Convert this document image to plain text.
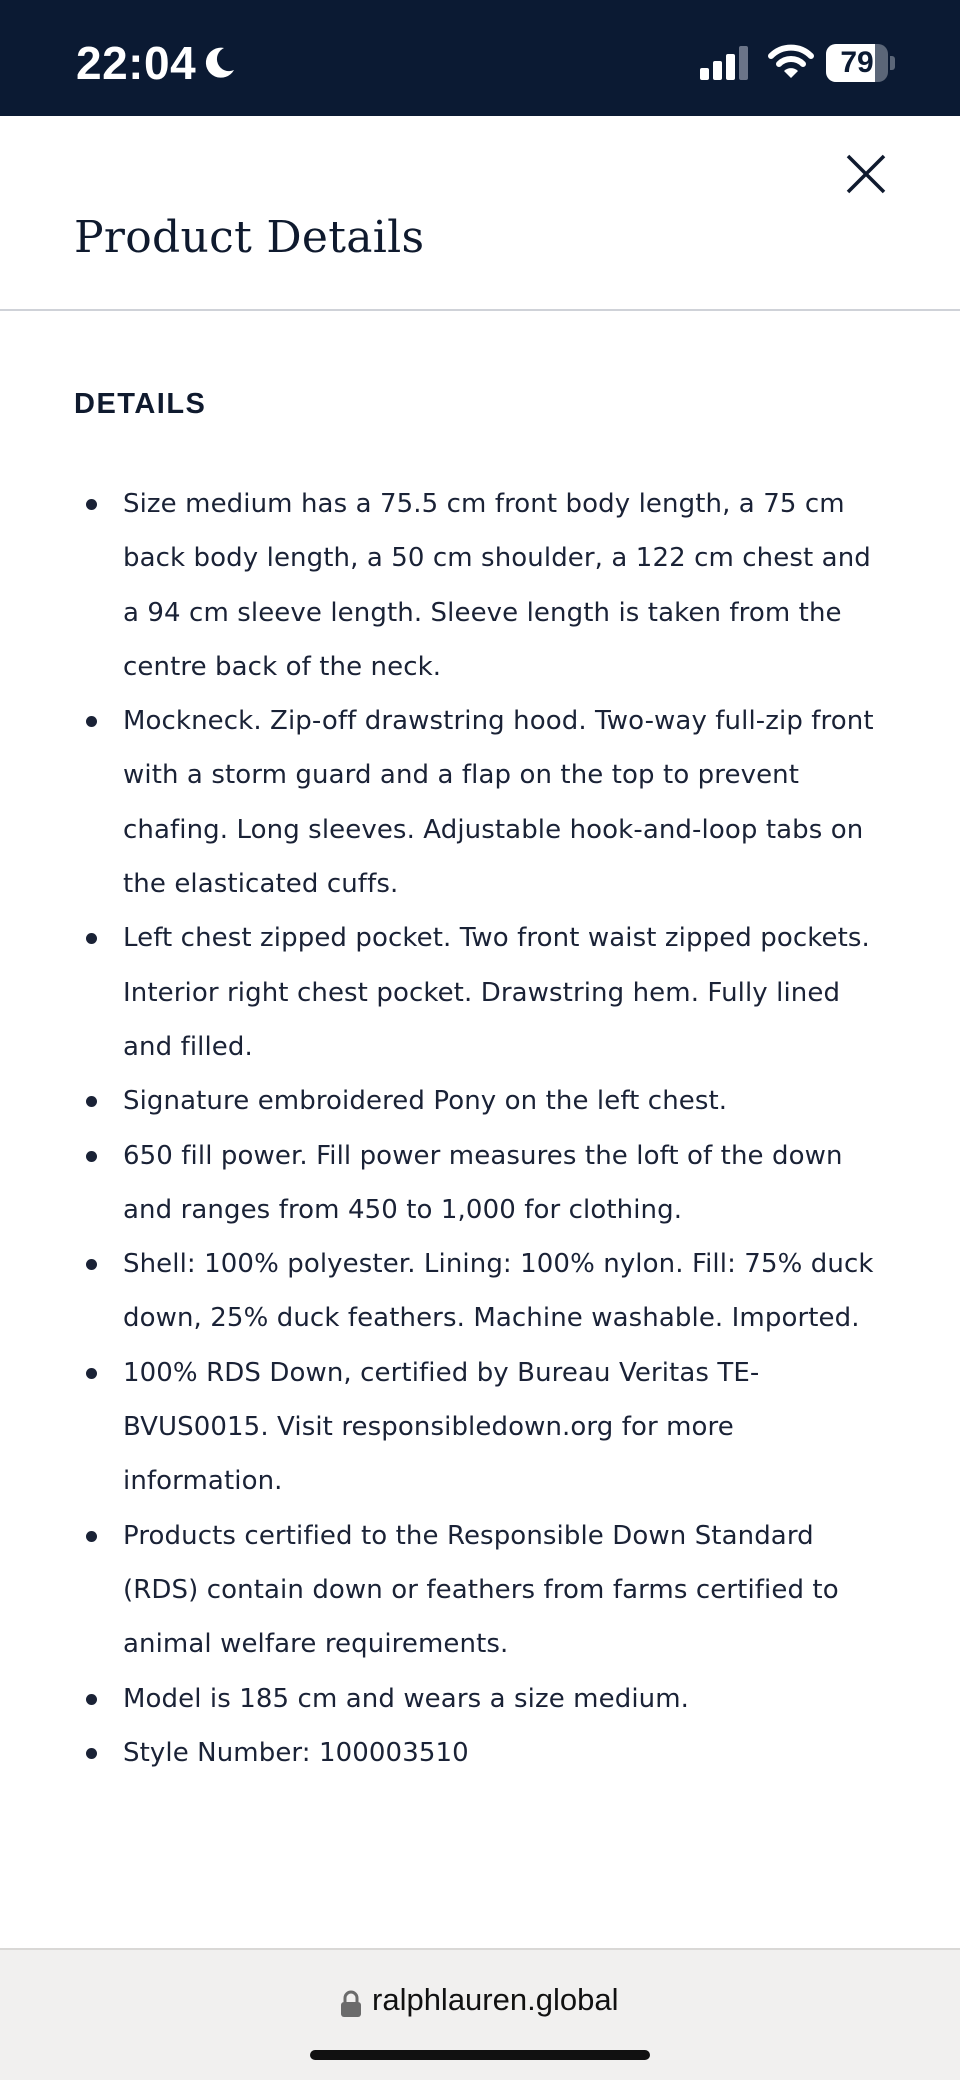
22:04	79
Product Details
DETAILS
Size medium has a 75.5 cm front body length, a 75 cm back body length, a 50 cm shoulder, a 122 cm chest and a 94 cm sleeve length. Sleeve length is taken from the centre back of the neck.
Mockneck. Zip-off drawstring hood. Two-way full-zip front with a storm guard and a flap on the top to prevent chafing. Long sleeves. Adjustable hook-and-loop tabs on the elasticated cuffs.
Left chest zipped pocket. Two front waist zipped pockets. Interior right chest pocket. Drawstring hem. Fully lined and filled.
Signature embroidered Pony on the left chest.
650 fill power. Fill power measures the loft of the down and ranges from 450 to 1,000 for clothing.
Shell: 100% polyester. Lining: 100% nylon. Fill: 75% duck down, 25% duck feathers. Machine washable. Imported.
100% RDS Down, certified by Bureau Veritas TE-BVUS0015. Visit responsibledown.org for more information.
Products certified to the Responsible Down Standard (RDS) contain down or feathers from farms certified to animal welfare requirements.
Model is 185 cm and wears a size medium.
Style Number: 100003510
ralphlauren.global
